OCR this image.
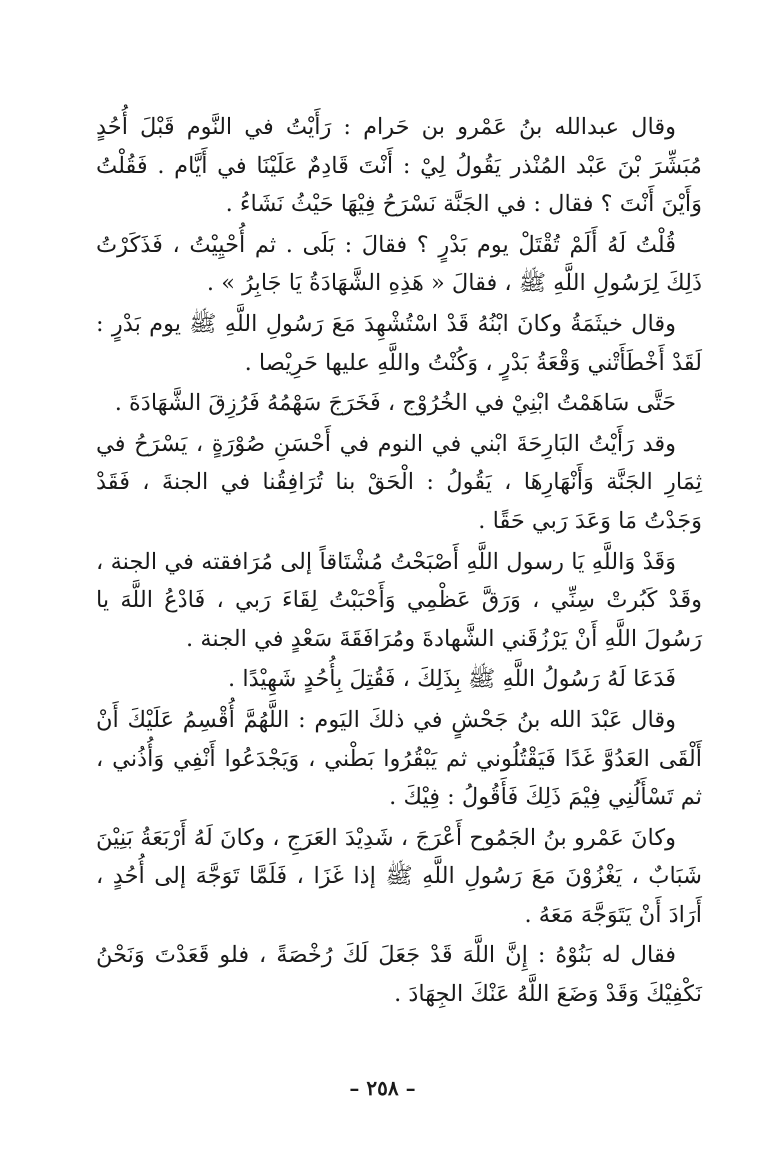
وقال عبدالله بنُ عَمْرو بن حَرام : رَأَيْتُ في النَّوم قَبْلَ أُحُدٍ مُبَشِّرَ بْنَ عَبْد المُنْذر يَقُولُ لِيْ : أَنْتَ قَادِمٌ عَلَيْنَا في أَيَّام . فَقُلْتُ وَأَيْنَ أَنْتَ ؟ فقال : في الجَنَّة نَسْرَحُ فِيْهَا حَيْثُ نَشَاءُ .

قُلْتُ لَهُ أَلَمْ تُقْتَلْ يوم بَدْرٍ ؟ فقالَ : بَلَى . ثم أُحْيِيْتُ ، فَذَكَرْتُ ذَلِكَ لِرَسُولِ اللَّهِ ﷺ ، فقالَ « هَذِهِ الشَّهَادَةُ يَا جَابِرُ » .

وقال خيثَمَةُ وكانَ ابْنُهُ قَدْ اسْتُشْهِدَ مَعَ رَسُولِ اللَّهِ ﷺ يوم بَدْرٍ : لَقَدْ أَخْطَأَتْني وَقْعَةُ بَدْرٍ ، وَكُنْتُ واللَّهِ عليها حَرِيْصا .

حَتَّى سَاهَمْتُ ابْنِيْ في الخُرُوْج ، فَخَرَجَ سَهْمُهُ فَرُزِقَ الشَّهَادَةَ .

وقد رَأَيْتُ البَارِحَةَ ابْني في النوم في أَحْسَنِ صُوْرَةٍ ، يَسْرَحُ في ثِمَارِ الجَنَّة وَأَنْهَارِهَا ، يَقُولُ : الْحَقْ بنا تُرَافِقُنا في الجنةَ ، فَقَدْ وَجَدْتُ مَا وَعَدَ رَبي حَقًا .

وَقَدْ وَاللَّهِ يَا رسول اللَّهِ أَصْبَحْتُ مُشْتَاقاً إلى مُرَافقته في الجنة ، وقَدْ كَبُرتْ سِنِّي ، وَرَقَّ عَظْمِي وَأَحْبَبْتُ لِقَاءَ رَبي ، فَادْعُ اللَّهَ يا رَسُولَ اللَّهِ أَنْ يَرْزُقَني الشَّهادةَ ومُرَافَقَةَ سَعْدٍ في الجنة .

فَدَعَا لَهُ رَسُولُ اللَّهِ ﷺ بِذَلِكَ ، فَقُتِلَ بِأُحُدٍ شَهِيْدًا .

وقال عَبْدَ الله بنُ جَحْشٍ في ذلكَ اليَوم : اللَّهُمَّ أُقْسِمُ عَلَيْكَ أَنْ أَلْقَى العَدُوَّ غَدًا فَيَقْتُلُوني ثم يَبْقُرُوا بَطْني ، وَيَجْدَعُوا أَنْفِي وَأُذُني ، ثم تَسْأَلُنِي فِيْمَ ذَلِكَ فَأَقُولُ : فِيْكَ .

وكانَ عَمْرو بنُ الجَمُوح أَعْرَجَ ، شَدِيْدَ العَرَجِ ، وكانَ لَهُ أَرْبَعَةُ بَنِيْنَ شَبَابٌ ، يَغْزُوْنَ مَعَ رَسُولِ اللَّهِ ﷺ إذا غَزَا ، فَلَمَّا تَوَجَّهَ إلى أُحُدٍ ، أَرَادَ أَنْ يَتَوَجَّهَ مَعَهُ .

فقال له بَنُوْهُ : إِنَّ اللَّهَ قَدْ جَعَلَ لَكَ رُخْصَةً ، فلو قَعَدْتَ وَنَحْنُ نَكْفِيْكَ وَقَدْ وَضَعَ اللَّهُ عَنْكَ الجِهَادَ .

– ٢٥٨ –
